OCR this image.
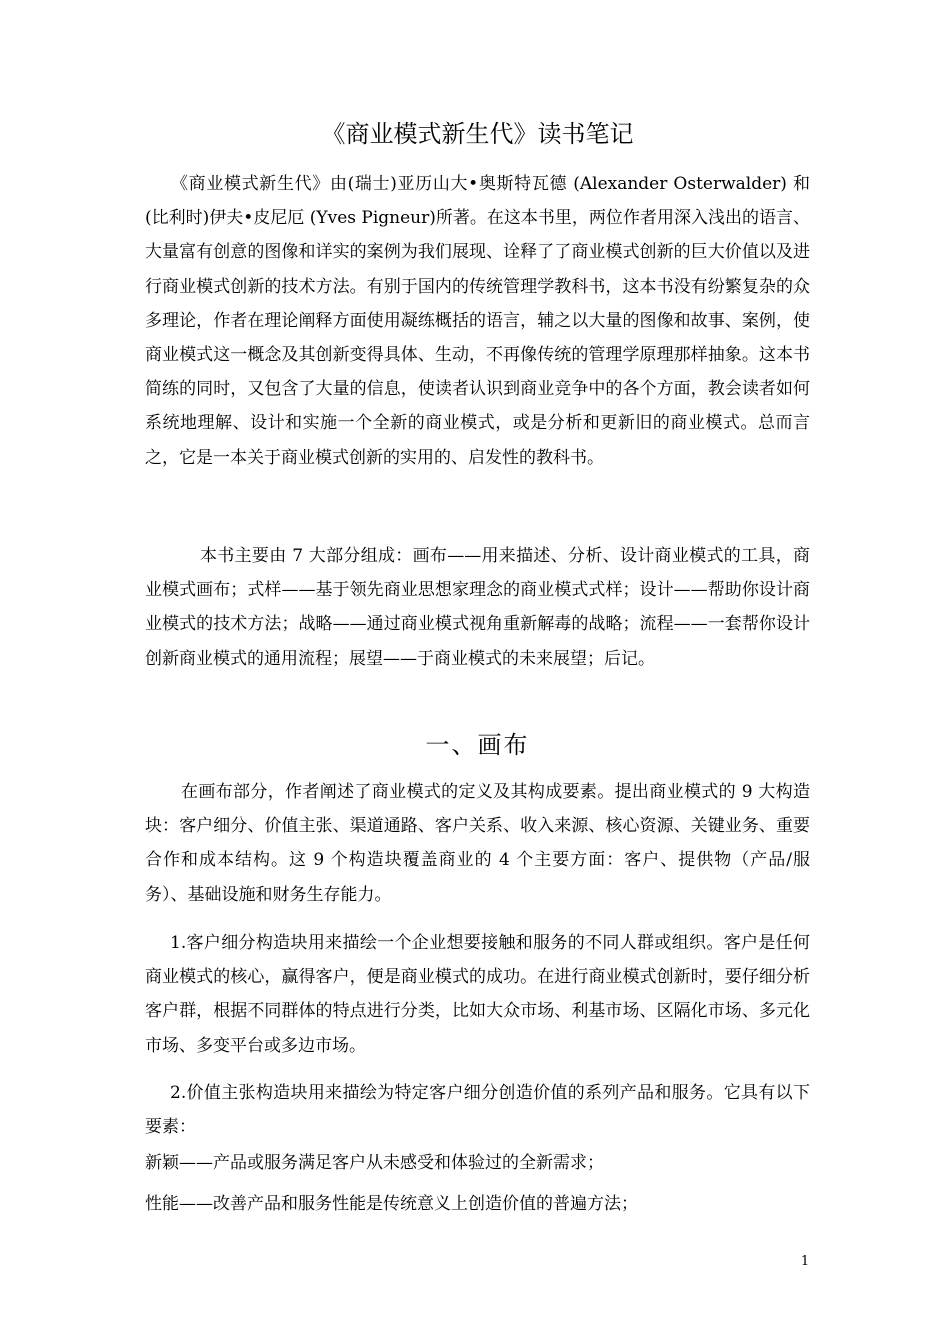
《商业模式新生代》读书笔记

《商业模式新生代》由(瑞士)亚历山大•奥斯特瓦德 (Alexander Osterwalder) 和 (比利时)伊夫•皮尼厄 (Yves Pigneur)所著。在这本书里，两位作者用深入浅出的语言、大量富有创意的图像和详实的案例为我们展现、诠释了了商业模式创新的巨大价值以及进行商业模式创新的技术方法。有别于国内的传统管理学教科书，这本书没有纷繁复杂的众多理论，作者在理论阐释方面使用凝练概括的语言，辅之以大量的图像和故事、案例，使商业模式这一概念及其创新变得具体、生动，不再像传统的管理学原理那样抽象。这本书简练的同时，又包含了大量的信息，使读者认识到商业竞争中的各个方面，教会读者如何系统地理解、设计和实施一个全新的商业模式，或是分析和更新旧的商业模式。总而言之，它是一本关于商业模式创新的实用的、启发性的教科书。

本书主要由 7 大部分组成：画布——用来描述、分析、设计商业模式的工具，商业模式画布；式样——基于领先商业思想家理念的商业模式式样；设计——帮助你设计商业模式的技术方法；战略——通过商业模式视角重新解毒的战略；流程——一套帮你设计创新商业模式的通用流程；展望——于商业模式的未来展望；后记。

一、画布

在画布部分，作者阐述了商业模式的定义及其构成要素。提出商业模式的 9 大构造块：客户细分、价值主张、渠道通路、客户关系、收入来源、核心资源、关键业务、重要合作和成本结构。这 9 个构造块覆盖商业的 4 个主要方面：客户、提供物（产品/服务）、基础设施和财务生存能力。

1.客户细分构造块用来描绘一个企业想要接触和服务的不同人群或组织。客户是任何商业模式的核心，赢得客户，便是商业模式的成功。在进行商业模式创新时，要仔细分析客户群，根据不同群体的特点进行分类，比如大众市场、利基市场、区隔化市场、多元化市场、多变平台或多边市场。

2.价值主张构造块用来描绘为特定客户细分创造价值的系列产品和服务。它具有以下要素：

新颖——产品或服务满足客户从未感受和体验过的全新需求；

性能——改善产品和服务性能是传统意义上创造价值的普遍方法；

1
